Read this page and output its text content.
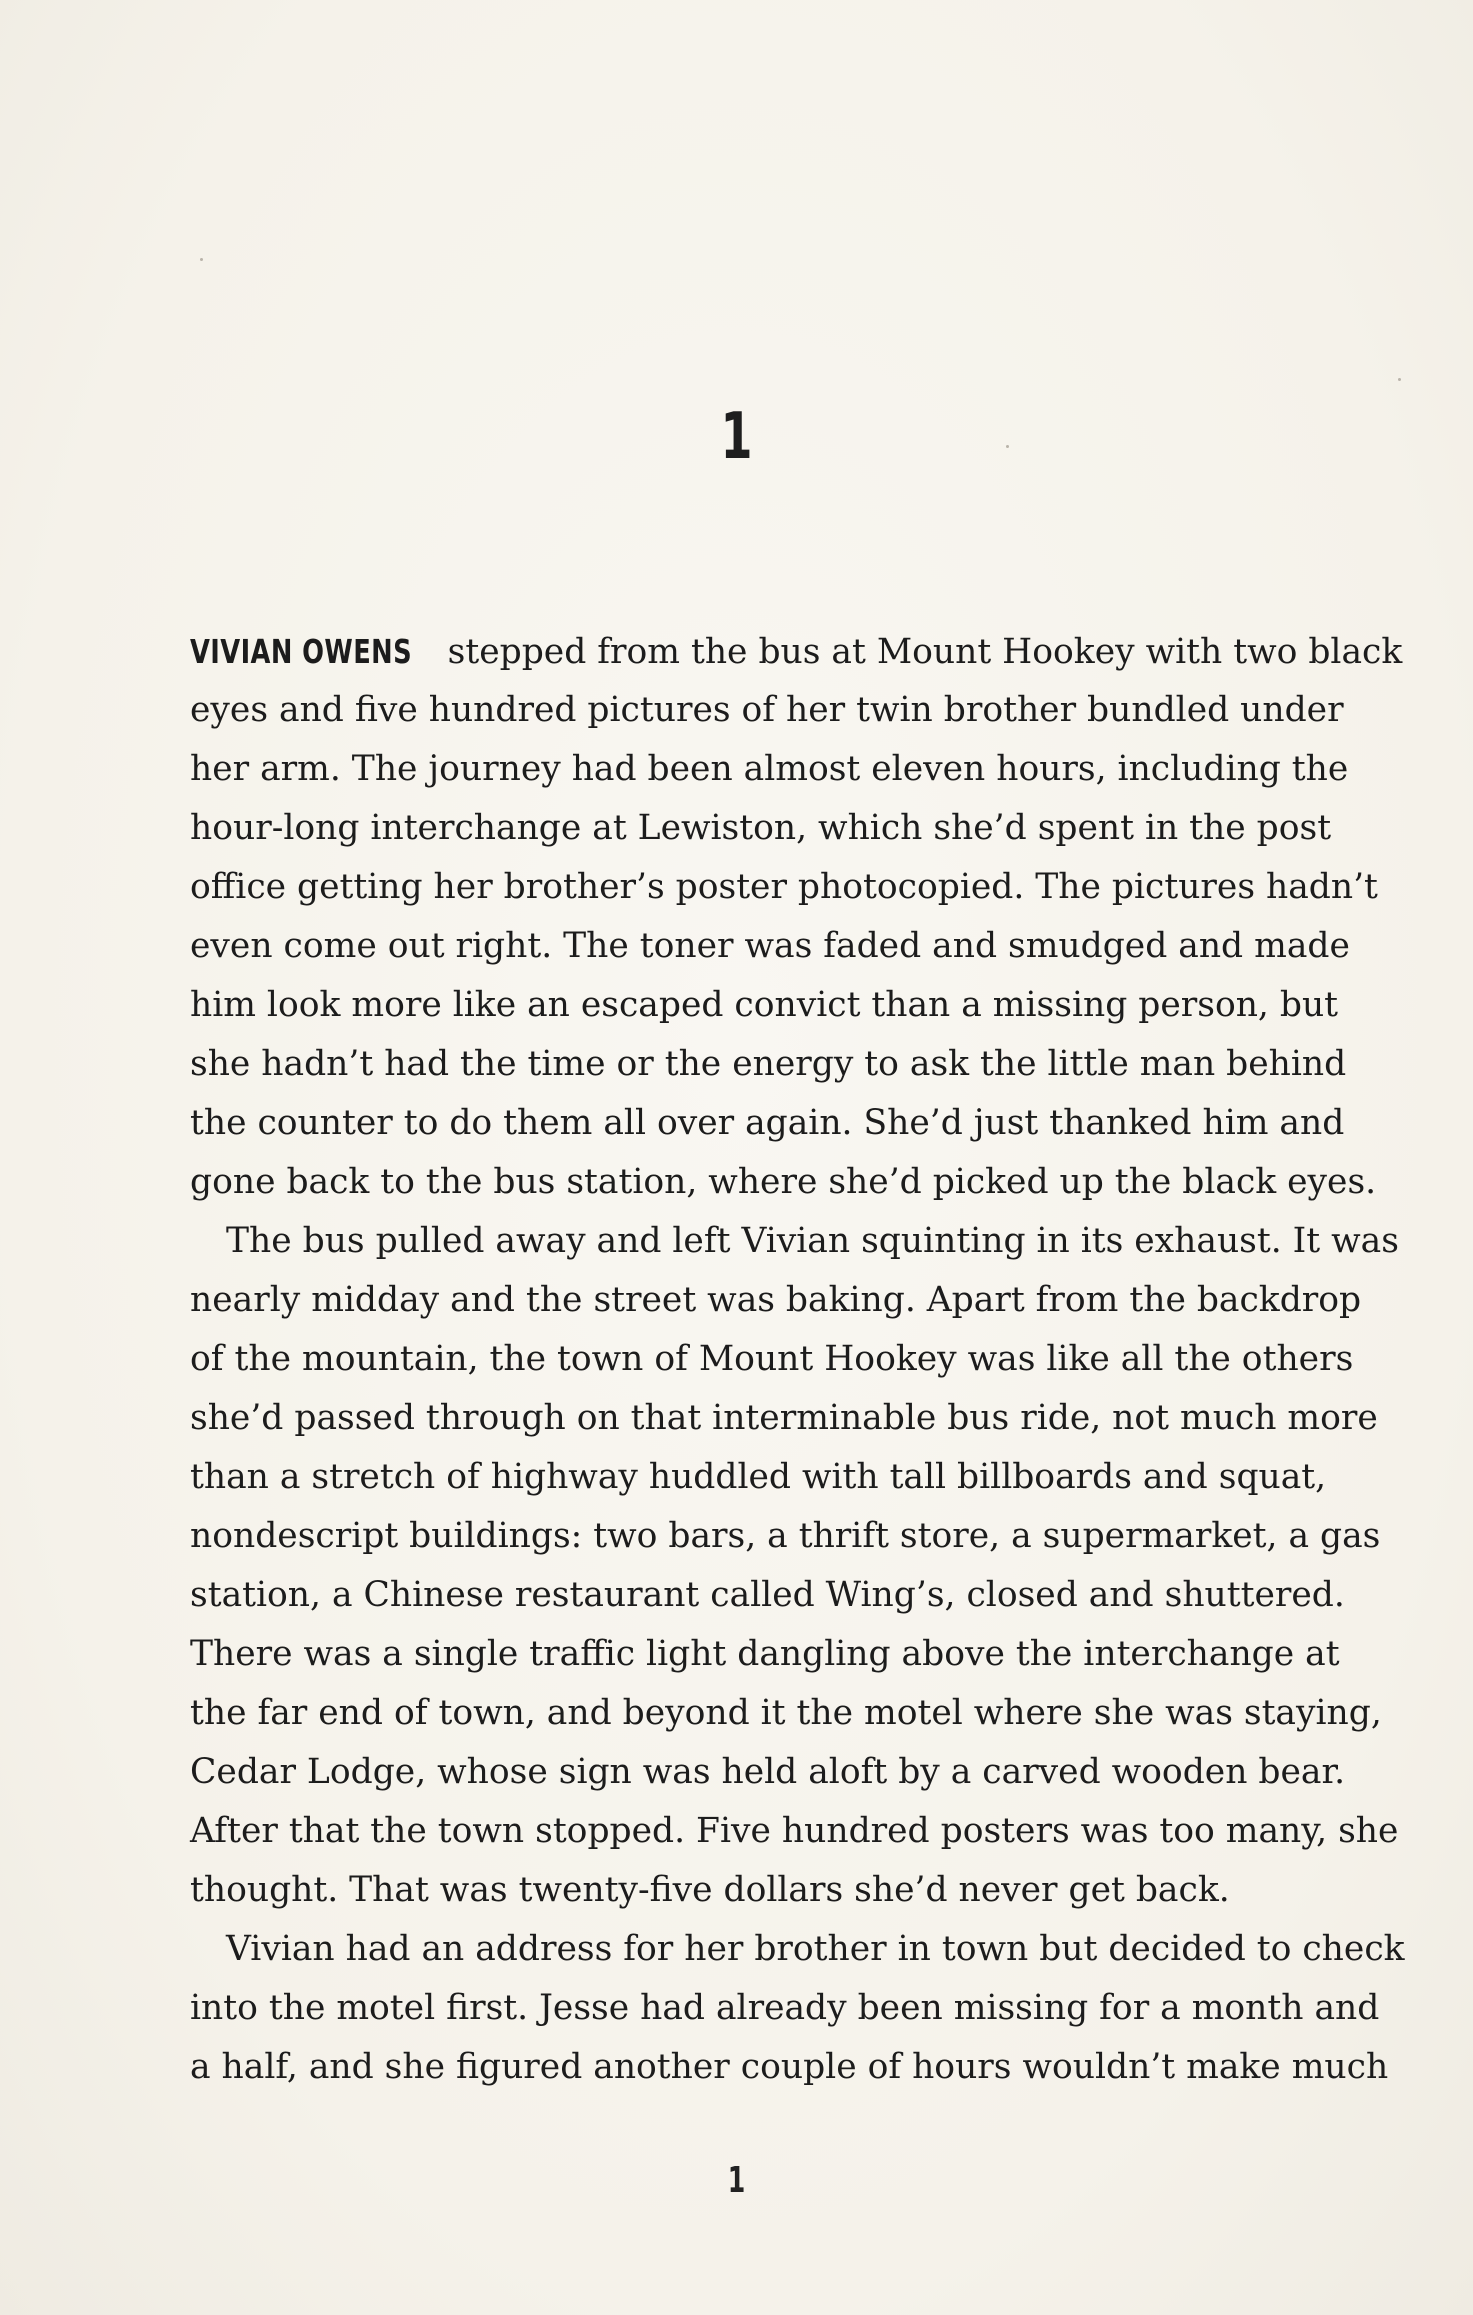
1
VIVIAN OWENS stepped from the bus at Mount Hookey with two black
eyes and five hundred pictures of her twin brother bundled under
her arm. The journey had been almost eleven hours, including the
hour-long interchange at Lewiston, which she’d spent in the post
office getting her brother’s poster photocopied. The pictures hadn’t
even come out right. The toner was faded and smudged and made
him look more like an escaped convict than a missing person, but
she hadn’t had the time or the energy to ask the little man behind
the counter to do them all over again. She’d just thanked him and
gone back to the bus station, where she’d picked up the black eyes.
The bus pulled away and left Vivian squinting in its exhaust. It was
nearly midday and the street was baking. Apart from the backdrop
of the mountain, the town of Mount Hookey was like all the others
she’d passed through on that interminable bus ride, not much more
than a stretch of highway huddled with tall billboards and squat,
nondescript buildings: two bars, a thrift store, a supermarket, a gas
station, a Chinese restaurant called Wing’s, closed and shuttered.
There was a single traffic light dangling above the interchange at
the far end of town, and beyond it the motel where she was staying,
Cedar Lodge, whose sign was held aloft by a carved wooden bear.
After that the town stopped. Five hundred posters was too many, she
thought. That was twenty-five dollars she’d never get back.
Vivian had an address for her brother in town but decided to check
into the motel first. Jesse had already been missing for a month and
a half, and she figured another couple of hours wouldn’t make much
1
